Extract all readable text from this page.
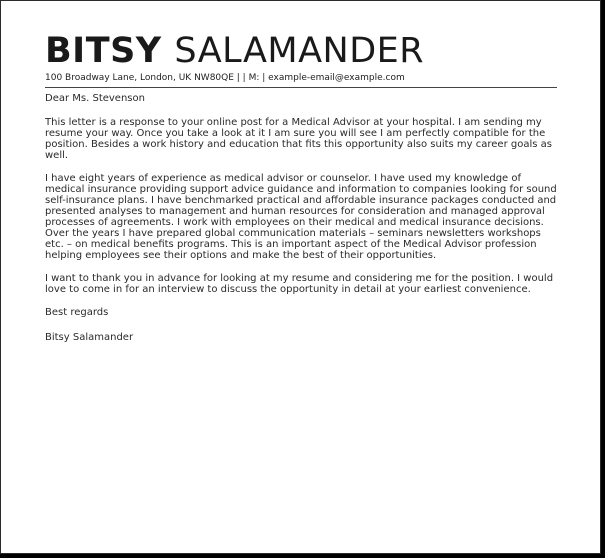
BITSY SALAMANDER
100 Broadway Lane, London, UK NW80QE | | M: | example-email@example.com

Dear Ms. Stevenson

This letter is a response to your online post for a Medical Advisor at your hospital. I am sending my resume your way. Once you take a look at it I am sure you will see I am perfectly compatible for the position. Besides a work history and education that fits this opportunity also suits my career goals as well.

I have eight years of experience as medical advisor or counselor. I have used my knowledge of medical insurance providing support advice guidance and information to companies looking for sound self-insurance plans. I have benchmarked practical and affordable insurance packages conducted and presented analyses to management and human resources for consideration and managed approval processes of agreements. I work with employees on their medical and medical insurance decisions. Over the years I have prepared global communication materials – seminars newsletters workshops etc. – on medical benefits programs. This is an important aspect of the Medical Advisor profession helping employees see their options and make the best of their opportunities.

I want to thank you in advance for looking at my resume and considering me for the position. I would love to come in for an interview to discuss the opportunity in detail at your earliest convenience.

Best regards

Bitsy Salamander
